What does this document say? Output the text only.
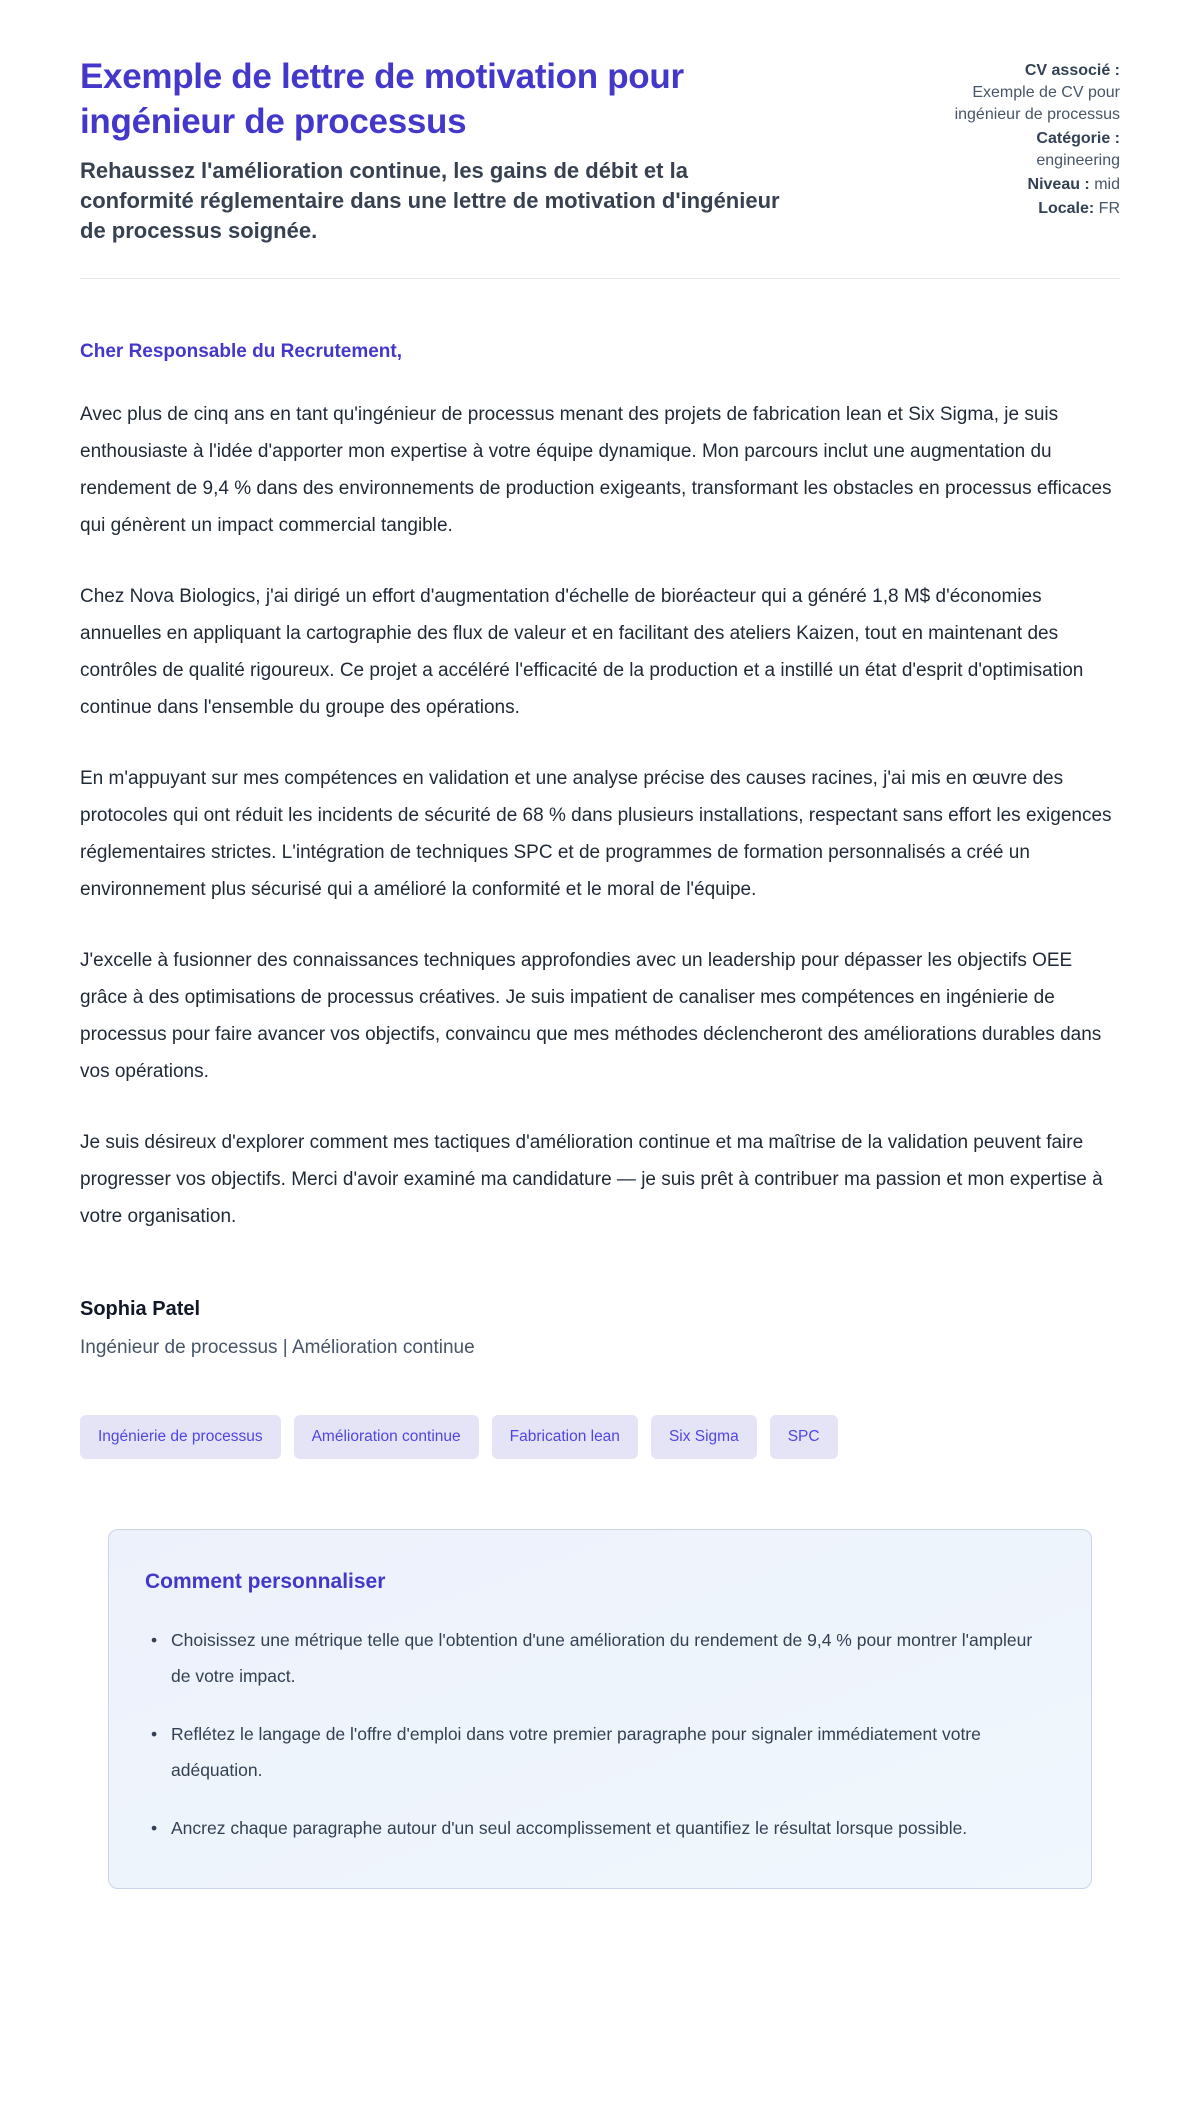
Exemple de lettre de motivation pour ingénieur de processus

Rehaussez l'amélioration continue, les gains de débit et la conformité réglementaire dans une lettre de motivation d'ingénieur de processus soignée.

CV associé :
Exemple de CV pour ingénieur de processus
Catégorie :
engineering
Niveau : mid
Locale: FR

Cher Responsable du Recrutement,

Avec plus de cinq ans en tant qu'ingénieur de processus menant des projets de fabrication lean et Six Sigma, je suis enthousiaste à l'idée d'apporter mon expertise à votre équipe dynamique. Mon parcours inclut une augmentation du rendement de 9,4 % dans des environnements de production exigeants, transformant les obstacles en processus efficaces qui génèrent un impact commercial tangible.

Chez Nova Biologics, j'ai dirigé un effort d'augmentation d'échelle de bioréacteur qui a généré 1,8 M$ d'économies annuelles en appliquant la cartographie des flux de valeur et en facilitant des ateliers Kaizen, tout en maintenant des contrôles de qualité rigoureux. Ce projet a accéléré l'efficacité de la production et a instillé un état d'esprit d'optimisation continue dans l'ensemble du groupe des opérations.

En m'appuyant sur mes compétences en validation et une analyse précise des causes racines, j'ai mis en œuvre des protocoles qui ont réduit les incidents de sécurité de 68 % dans plusieurs installations, respectant sans effort les exigences réglementaires strictes. L'intégration de techniques SPC et de programmes de formation personnalisés a créé un environnement plus sécurisé qui a amélioré la conformité et le moral de l'équipe.

J'excelle à fusionner des connaissances techniques approfondies avec un leadership pour dépasser les objectifs OEE grâce à des optimisations de processus créatives. Je suis impatient de canaliser mes compétences en ingénierie de processus pour faire avancer vos objectifs, convaincu que mes méthodes déclencheront des améliorations durables dans vos opérations.

Je suis désireux d'explorer comment mes tactiques d'amélioration continue et ma maîtrise de la validation peuvent faire progresser vos objectifs. Merci d'avoir examiné ma candidature — je suis prêt à contribuer ma passion et mon expertise à votre organisation.

Sophia Patel

Ingénieur de processus | Amélioration continue

Ingénierie de processus	Amélioration continue	Fabrication lean	Six Sigma	SPC
Comment personnaliser
• Choisissez une métrique telle que l'obtention d'une amélioration du rendement de 9,4 % pour montrer l'ampleur de votre impact.
• Reflétez le langage de l'offre d'emploi dans votre premier paragraphe pour signaler immédiatement votre adéquation.
• Ancrez chaque paragraphe autour d'un seul accomplissement et quantifiez le résultat lorsque possible.
